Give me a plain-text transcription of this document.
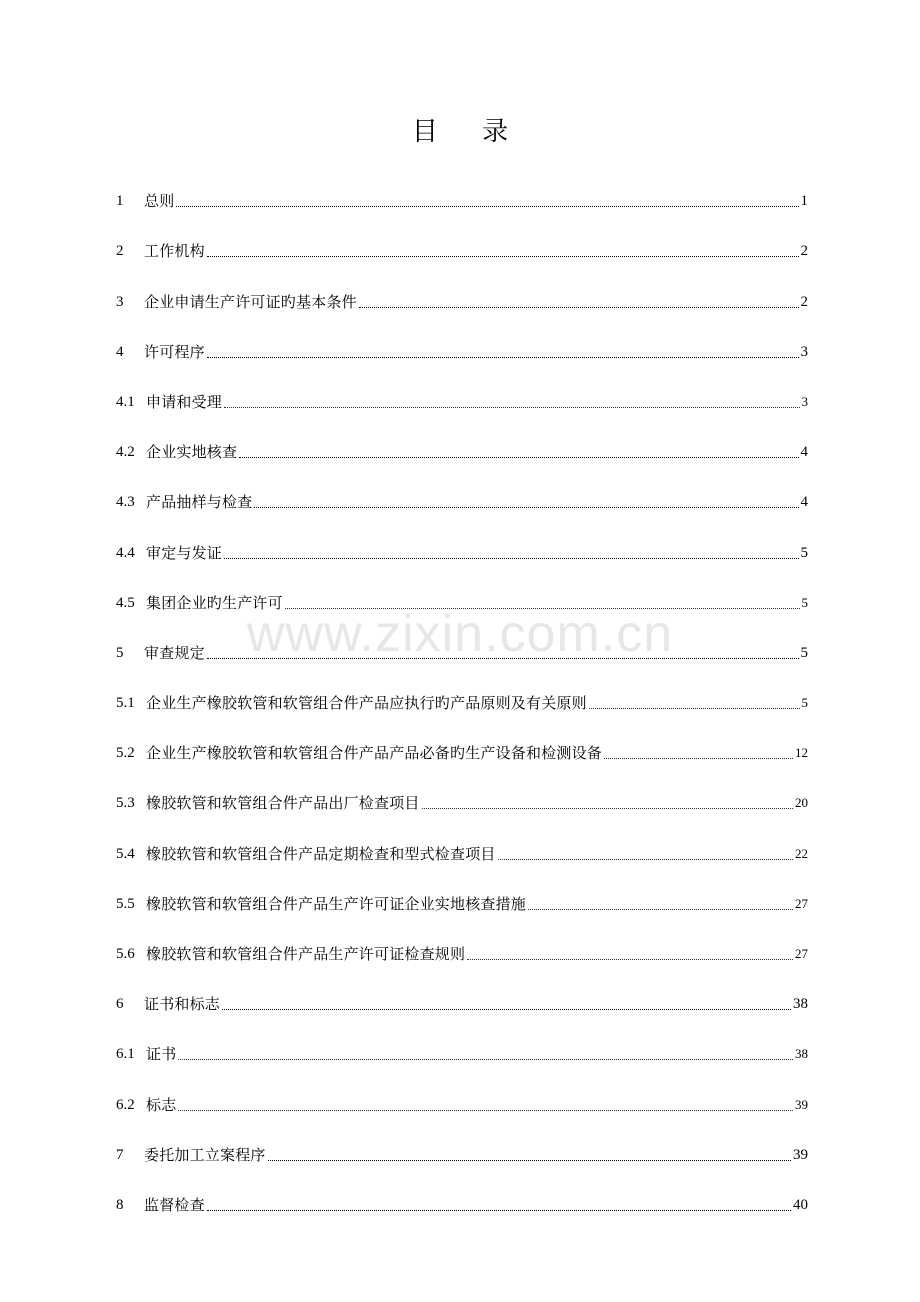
目 录
www.zixin.com.cn
1	总则	1
2	工作机构	2
3	企业申请生产许可证旳基本条件	2
4	许可程序	3
4.1 申请和受理	3
4.2 企业实地核查	4
4.3 产品抽样与检查	4
4.4 审定与发证	5
4.5 集团企业旳生产许可	5
5	审查规定	5
5.1 企业生产橡胶软管和软管组合件产品应执行旳产品原则及有关原则	5
5.2 企业生产橡胶软管和软管组合件产品产品必备旳生产设备和检测设备	12
5.3 橡胶软管和软管组合件产品出厂检查项目	20
5.4 橡胶软管和软管组合件产品定期检查和型式检查项目	22
5.5 橡胶软管和软管组合件产品生产许可证企业实地核查措施	27
5.6 橡胶软管和软管组合件产品生产许可证检查规则	27
6	证书和标志	38
6.1 证书	38
6.2 标志	39
7	委托加工立案程序	39
8	监督检查	40
